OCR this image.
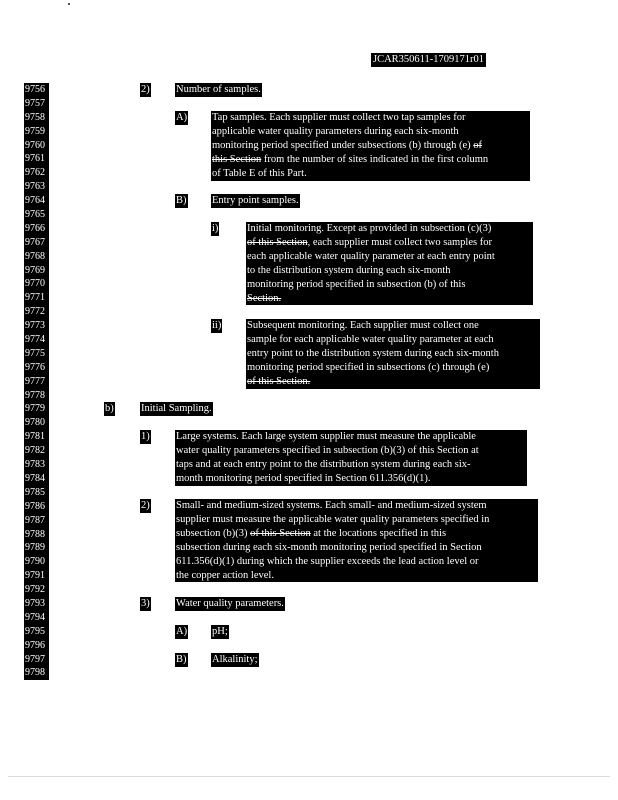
JCAR350611-1709171r01
9756
9757
9758
9759
9760
9761
9762
9763
9764
9765
9766
9767
9768
9769
9770
9771
9772
9773
9774
9775
9776
9777
9778
9779
9780
9781
9782
9783
9784
9785
9786
9787
9788
9789
9790
9791
9792
9793
9794
9795
9796
9797
9798
2)	Number of samples.
A) Tap samples. Each supplier must collect two tap samples for
applicable water quality parameters during each six-month
monitoring period specified under subsections (b) through (e) of
this Section from the number of sites indicated in the first column
of Table E of this Part.
B) Entry point samples.
i)	Initial monitoring. Except as provided in subsection (c)(3)
of this Section, each supplier must collect two samples for
each applicable water quality parameter at each entry point
to the distribution system during each six-month
monitoring period specified in subsection (b) of this
Section.
ii) Subsequent monitoring. Each supplier must collect one
sample for each applicable water quality parameter at each
entry point to the distribution system during each six-month
monitoring period specified in subsections (c) through (e)
of this Section.
b)	Initial Sampling.
1)	Large systems. Each large system supplier must measure the applicable
water quality parameters specified in subsection (b)(3) of this Section at
taps and at each entry point to the distribution system during each six-
month monitoring period specified in Section 611.356(d)(1).
2)	Small- and medium-sized systems. Each small- and medium-sized system
supplier must measure the applicable water quality parameters specified in
subsection (b)(3) of this Section at the locations specified in this
subsection during each six-month monitoring period specified in Section
611.356(d)(1) during which the supplier exceeds the lead action level or
the copper action level.
3)	Water quality parameters.
A) pH;
B) Alkalinity;
